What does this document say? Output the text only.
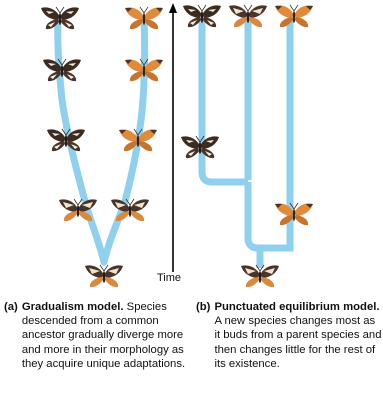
Time
(a) Gradualism model. Species descended from a common ancestor gradually diverge more and more in their morphology as they acquire unique adaptations.
(b) Punctuated equilibrium model. A new species changes most as it buds from a parent species and then changes little for the rest of its existence.
